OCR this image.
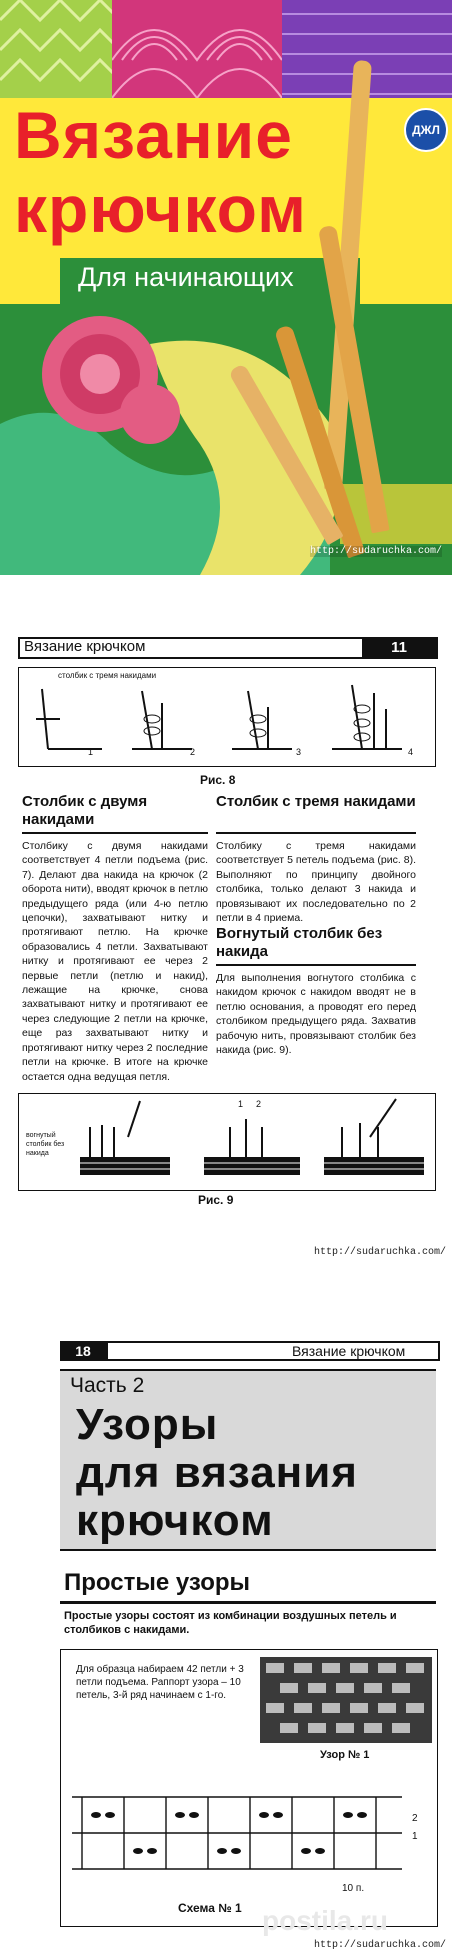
Вязание
крючком
Для начинающих
ДЖЛ
http://sudaruchka.com/
Вязание крючком	11
столбик с тремя накидами
1	2	3	4
Рис. 8
Столбик с двумя накидами
Столбику с двумя накидами соответствует 4 петли подъема (рис. 7). Делают два накида на крючок (2 оборота нити), вводят крючок в петлю предыдущего ряда (или 4-ю петлю цепочки), захватывают нитку и протягивают петлю. На крючке образовались 4 петли. Захватывают нитку и протягивают ее через 2 первые петли (петлю и накид), лежащие на крючке, снова захватывают нитку и протягивают ее через следующие 2 петли на крючке, еще раз захватывают нитку и протягивают нитку через 2 последние петли на крючке. В итоге на крючке остается одна ведущая петля.
Столбик с тремя накидами
Столбику с тремя накидами соответствует 5 петель подъема (рис. 8). Выполняют по принципу двойного столбика, только делают 3 накида и провязывают их последовательно по 2 петли в 4 приема.
Вогнутый столбик без накида
Для выполнения вогнутого столбика с накидом крючок с накидом вводят не в петлю основания, а проводят его перед столбиком предыдущего ряда. Захватив рабочую нить, провязывают столбик без накида (рис. 9).
вогнутый столбик без накида
1 2
Рис. 9
http://sudaruchka.com/
18	Вязание крючком
Часть 2
Узоры
для вязания
крючком
Простые узоры
Простые узоры состоят из комбинации воздушных петель и столбиков с накидами.
Для образца набираем 42 петли + 3 петли подъема. Раппорт узора – 10 петель, 3-й ряд начинаем с 1-го.
Узор № 1
2
1
10 п.
Схема № 1 postila.ru
http://sudaruchka.com/
